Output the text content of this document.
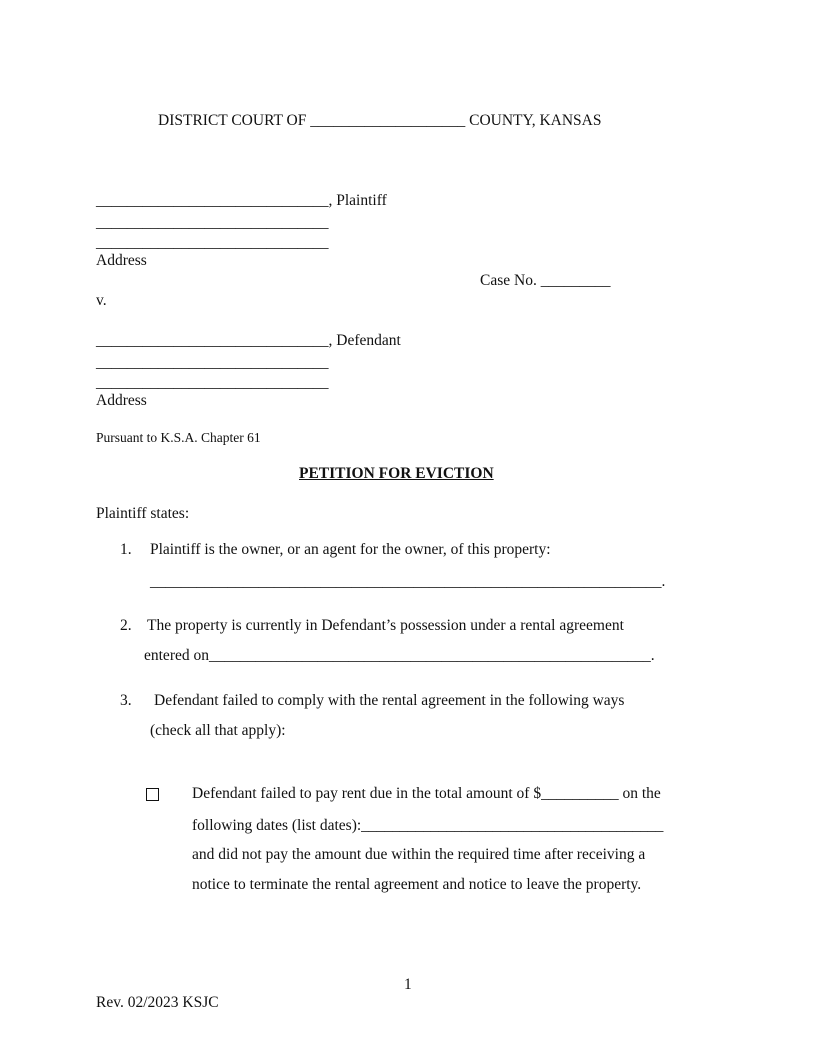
DISTRICT COURT OF ____________________ COUNTY, KANSAS
______________________________, Plaintiff
______________________________
______________________________
Address
Case No. _________
v.
______________________________, Defendant
______________________________
______________________________
Address
Pursuant to K.S.A. Chapter 61
PETITION FOR EVICTION
Plaintiff states:
1. Plaintiff is the owner, or an agent for the owner, of this property:
__________________________________________________________________.
2. The property is currently in Defendant’s possession under a rental agreement
entered on_________________________________________________________.
3. Defendant failed to comply with the rental agreement in the following ways
(check all that apply):
Defendant failed to pay rent due in the total amount of $__________ on the
following dates (list dates):_______________________________________
and did not pay the amount due within the required time after receiving a
notice to terminate the rental agreement and notice to leave the property.
1
Rev. 02/2023 KSJC
